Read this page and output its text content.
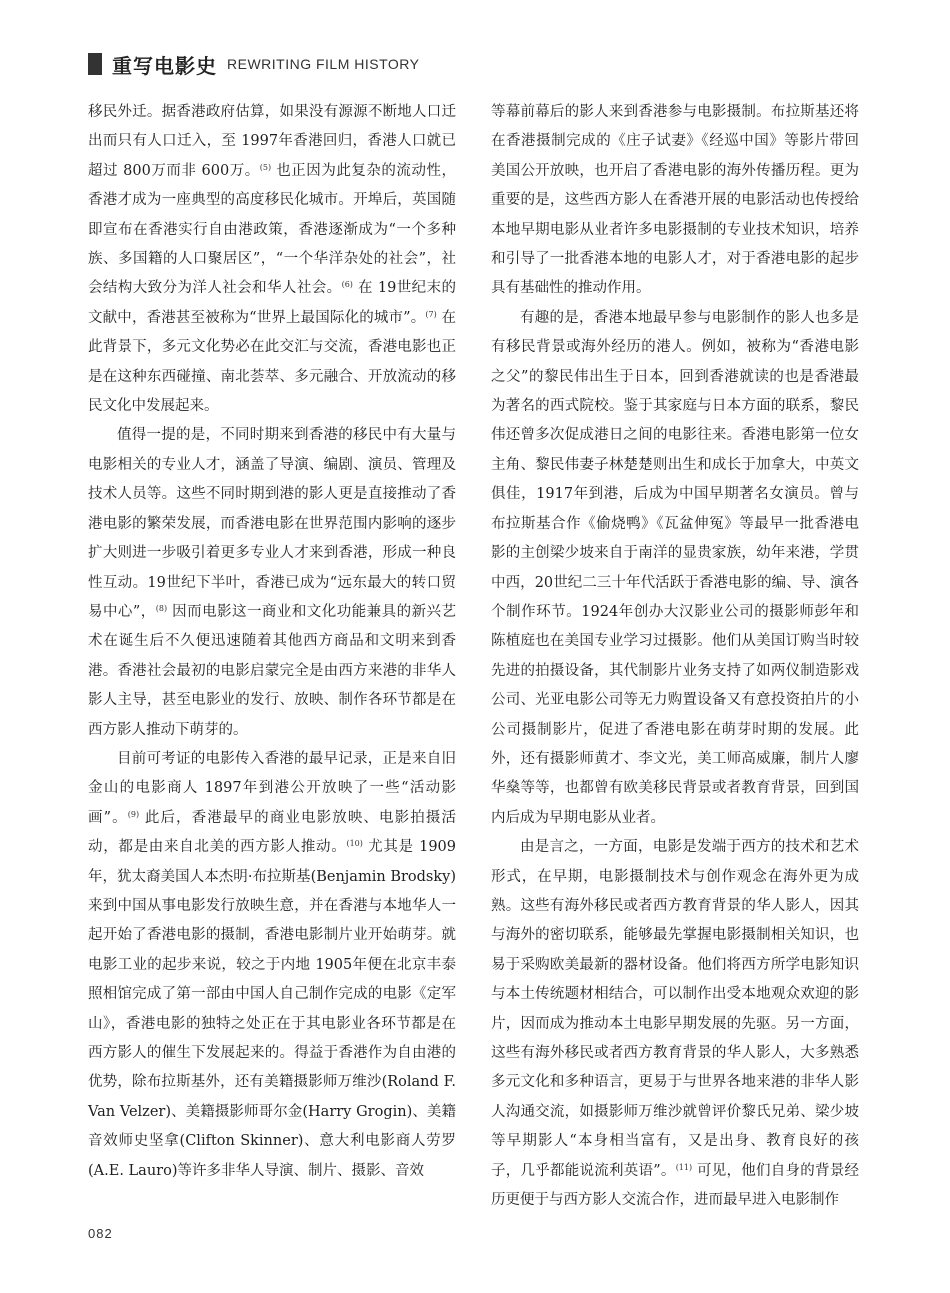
重写电影史 REWRITING FILM HISTORY

移民外迁。据香港政府估算，如果没有源源不断地人口迁出而只有人口迁入，至 1997年香港回归，香港人口就已超过 800万而非 600万。$^{(5)}$ 也正因为此复杂的流动性，香港才成为一座典型的高度移民化城市。开埠后，英国随即宣布在香港实行自由港政策，香港逐渐成为“一个多种族、多国籍的人口聚居区”，“一个华洋杂处的社会”，社会结构大致分为洋人社会和华人社会。$^{(6)}$ 在 19世纪末的文献中，香港甚至被称为“世界上最国际化的城市”。$^{(7)}$ 在此背景下，多元文化势必在此交汇与交流，香港电影也正是在这种东西碰撞、南北荟萃、多元融合、开放流动的移民文化中发展起来。

值得一提的是，不同时期来到香港的移民中有大量与电影相关的专业人才，涵盖了导演、编剧、演员、管理及技术人员等。这些不同时期到港的影人更是直接推动了香港电影的繁荣发展，而香港电影在世界范围内影响的逐步扩大则进一步吸引着更多专业人才来到香港，形成一种良性互动。19世纪下半叶，香港已成为“远东最大的转口贸易中心”，$^{(8)}$ 因而电影这一商业和文化功能兼具的新兴艺术在诞生后不久便迅速随着其他西方商品和文明来到香港。香港社会最初的电影启蒙完全是由西方来港的非华人影人主导，甚至电影业的发行、放映、制作各环节都是在西方影人推动下萌芽的。

目前可考证的电影传入香港的最早记录，正是来自旧金山的电影商人 1897年到港公开放映了一些“活动影画”。$^{(9)}$ 此后，香港最早的商业电影放映、电影拍摄活动，都是由来自北美的西方影人推动。$^{(10)}$ 尤其是 1909年，犹太裔美国人本杰明·布拉斯基(Benjamin Brodsky)来到中国从事电影发行放映生意，并在香港与本地华人一起开始了香港电影的摄制，香港电影制片业开始萌芽。就电影工业的起步来说，较之于内地 1905年便在北京丰泰照相馆完成了第一部由中国人自己制作完成的电影《定军山》，香港电影的独特之处正在于其电影业各环节都是在西方影人的催生下发展起来的。得益于香港作为自由港的优势，除布拉斯基外，还有美籍摄影师万维沙(Roland F. Van Velzer)、美籍摄影师哥尔金(Harry Grogin)、美籍音效师史坚拿(Clifton Skinner)、意大利电影商人劳罗(A.E. Lauro)等许多非华人导演、制片、摄影、音效

等幕前幕后的影人来到香港参与电影摄制。布拉斯基还将在香港摄制完成的《庄子试妻》《经巡中国》等影片带回美国公开放映，也开启了香港电影的海外传播历程。更为重要的是，这些西方影人在香港开展的电影活动也传授给本地早期电影从业者许多电影摄制的专业技术知识，培养和引导了一批香港本地的电影人才，对于香港电影的起步具有基础性的推动作用。

有趣的是，香港本地最早参与电影制作的影人也多是有移民背景或海外经历的港人。例如，被称为“香港电影之父”的黎民伟出生于日本，回到香港就读的也是香港最为著名的西式院校。鉴于其家庭与日本方面的联系，黎民伟还曾多次促成港日之间的电影往来。香港电影第一位女主角、黎民伟妻子林楚楚则出生和成长于加拿大，中英文俱佳，1917年到港，后成为中国早期著名女演员。曾与布拉斯基合作《偷烧鸭》《瓦盆伸冤》等最早一批香港电影的主创梁少坡来自于南洋的显贵家族，幼年来港，学贯中西，20世纪二三十年代活跃于香港电影的编、导、演各个制作环节。1924年创办大汉影业公司的摄影师彭年和陈植庭也在美国专业学习过摄影。他们从美国订购当时较先进的拍摄设备，其代制影片业务支持了如两仪制造影戏公司、光亚电影公司等无力购置设备又有意投资拍片的小公司摄制影片，促进了香港电影在萌芽时期的发展。此外，还有摄影师黄才、李文光，美工师高威廉，制片人廖华燊等等，也都曾有欧美移民背景或者教育背景，回到国内后成为早期电影从业者。

由是言之，一方面，电影是发端于西方的技术和艺术形式，在早期，电影摄制技术与创作观念在海外更为成熟。这些有海外移民或者西方教育背景的华人影人，因其与海外的密切联系，能够最先掌握电影摄制相关知识，也易于采购欧美最新的器材设备。他们将西方所学电影知识与本土传统题材相结合，可以制作出受本地观众欢迎的影片，因而成为推动本土电影早期发展的先驱。另一方面，这些有海外移民或者西方教育背景的华人影人，大多熟悉多元文化和多种语言，更易于与世界各地来港的非华人影人沟通交流，如摄影师万维沙就曾评价黎氏兄弟、梁少坡等早期影人“本身相当富有，又是出身、教育良好的孩子，几乎都能说流利英语”。$^{(11)}$ 可见，他们自身的背景经历更便于与西方影人交流合作，进而最早进入电影制作

082
